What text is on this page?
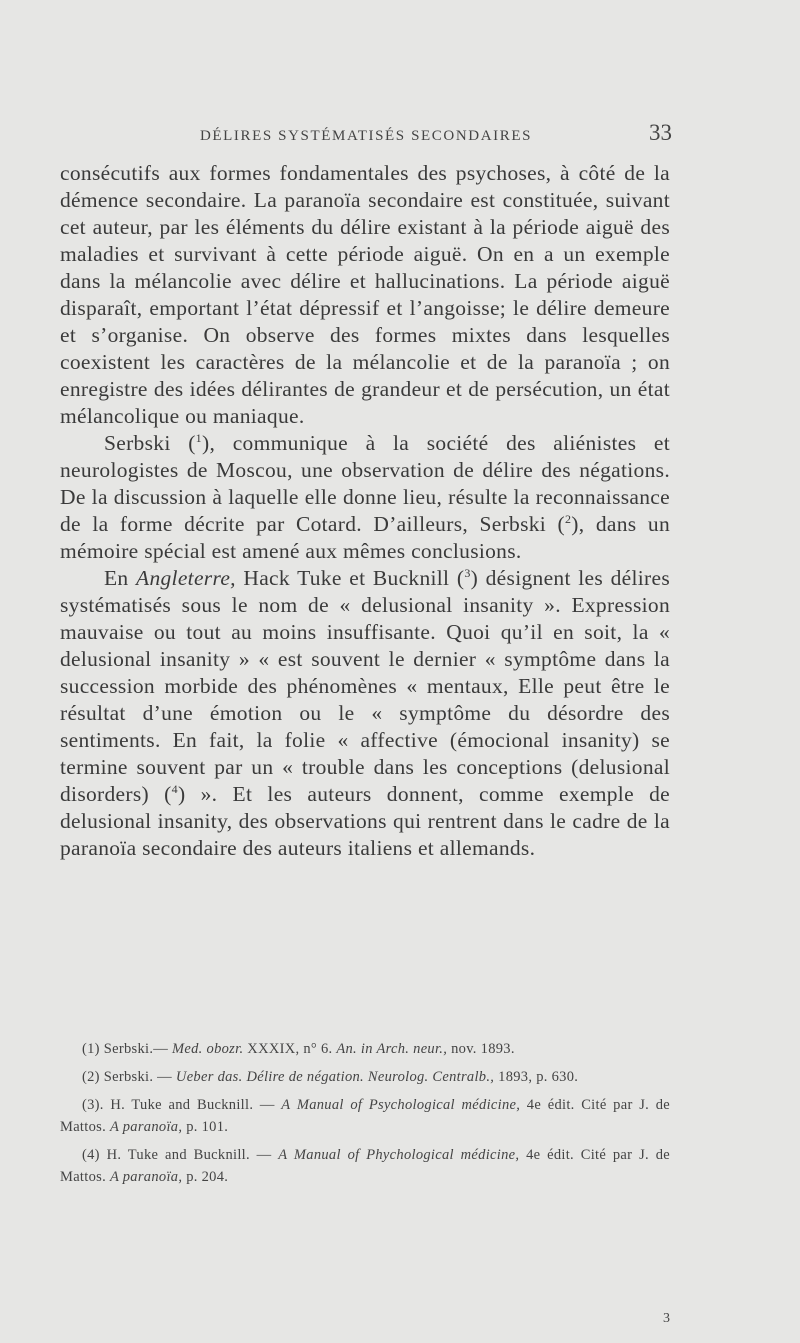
DÉLIRES SYSTÉMATISÉS SECONDAIRES	33

consécutifs aux formes fondamentales des psychoses, à côté de la démence secondaire. La paranoïa secondaire est constituée, suivant cet auteur, par les éléments du délire existant à la période aiguë des maladies et survivant à cette période aiguë. On en a un exemple dans la mélancolie avec délire et hallucinations. La période aiguë disparaît, emportant l’état dépressif et l’angoisse; le délire demeure et s’organise. On observe des formes mixtes dans lesquelles coexistent les caractères de la mélancolie et de la paranoïa ; on enregistre des idées délirantes de grandeur et de persécution, un état mélancolique ou maniaque.

Serbski ($^1$), communique à la société des aliénistes et neurologistes de Moscou, une observation de délire des négations. De la discussion à laquelle elle donne lieu, résulte la reconnaissance de la forme décrite par Cotard. D’ailleurs, Serbski ($^2$), dans un mémoire spécial est amené aux mêmes conclusions.

En Angleterre, Hack Tuke et Bucknill ($^3$) désignent les délires systématisés sous le nom de « delusional insanity ». Expression mauvaise ou tout au moins insuffisante. Quoi qu’il en soit, la « delusional insanity » « est souvent le dernier « symptôme dans la succession morbide des phénomènes « mentaux, Elle peut être le résultat d’une émotion ou le « symptôme du désordre des sentiments. En fait, la folie « affective (émocional insanity) se termine souvent par un « trouble dans les conceptions (delusional disorders) ($^4$) ». Et les auteurs donnent, comme exemple de delusional insanity, des observations qui rentrent dans le cadre de la paranoïa secondaire des auteurs italiens et allemands.

(1) Serbski.— Med. obozr. XXXIX, n° 6. An. in Arch. neur., nov. 1893.

(2) Serbski. — Ueber das. Délire de négation. Neurolog. Centralb., 1893, p. 630.

(3). H. Tuke and Bucknill. — A Manual of Psychological médicine, 4e édit. Cité par J. de Mattos. A paranoïa, p. 101.

(4) H. Tuke and Bucknill. — A Manual of Phychological médicine, 4e édit. Cité par J. de Mattos. A paranoïa, p. 204.

3
